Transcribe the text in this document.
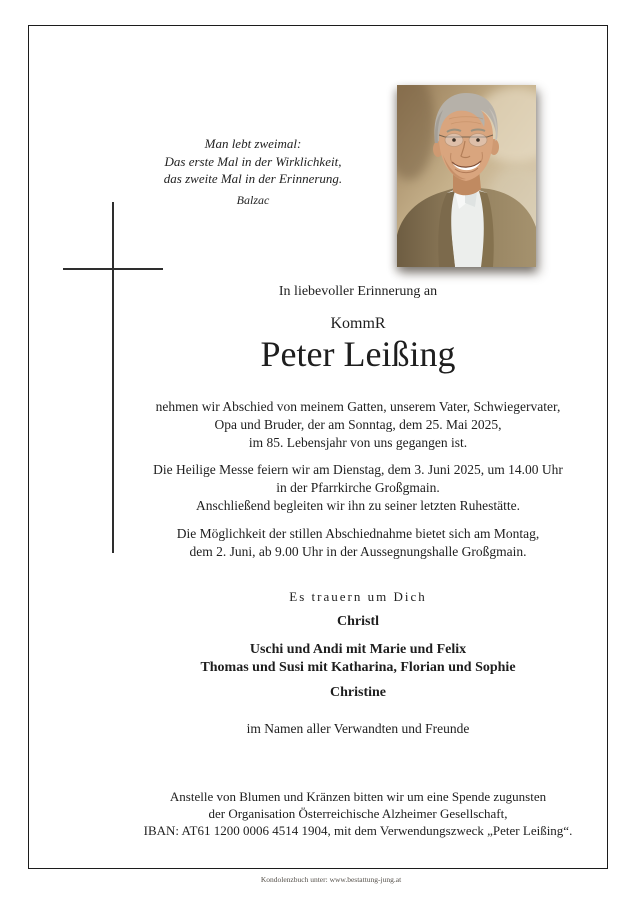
Man lebt zweimal:
Das erste Mal in der Wirklichkeit,
das zweite Mal in der Erinnerung.
Balzac
In liebevoller Erinnerung an
KommR
Peter Leißing
nehmen wir Abschied von meinem Gatten, unserem Vater, Schwiegervater,
Opa und Bruder, der am Sonntag, dem 25. Mai 2025,
im 85. Lebensjahr von uns gegangen ist.
Die Heilige Messe feiern wir am Dienstag, dem 3. Juni 2025, um 14.00 Uhr
in der Pfarrkirche Großgmain.
Anschließend begleiten wir ihn zu seiner letzten Ruhestätte.
Die Möglichkeit der stillen Abschiednahme bietet sich am Montag,
dem 2. Juni, ab 9.00 Uhr in der Aussegnungshalle Großgmain.
Es trauern um Dich
Christl
Uschi und Andi mit Marie und Felix
Thomas und Susi mit Katharina, Florian und Sophie
Christine
im Namen aller Verwandten und Freunde
Anstelle von Blumen und Kränzen bitten wir um eine Spende zugunsten
der Organisation Österreichische Alzheimer Gesellschaft,
IBAN: AT61 1200 0006 4514 1904, mit dem Verwendungszweck „Peter Leißing“.
Kondolenzbuch unter: www.bestattung-jung.at
